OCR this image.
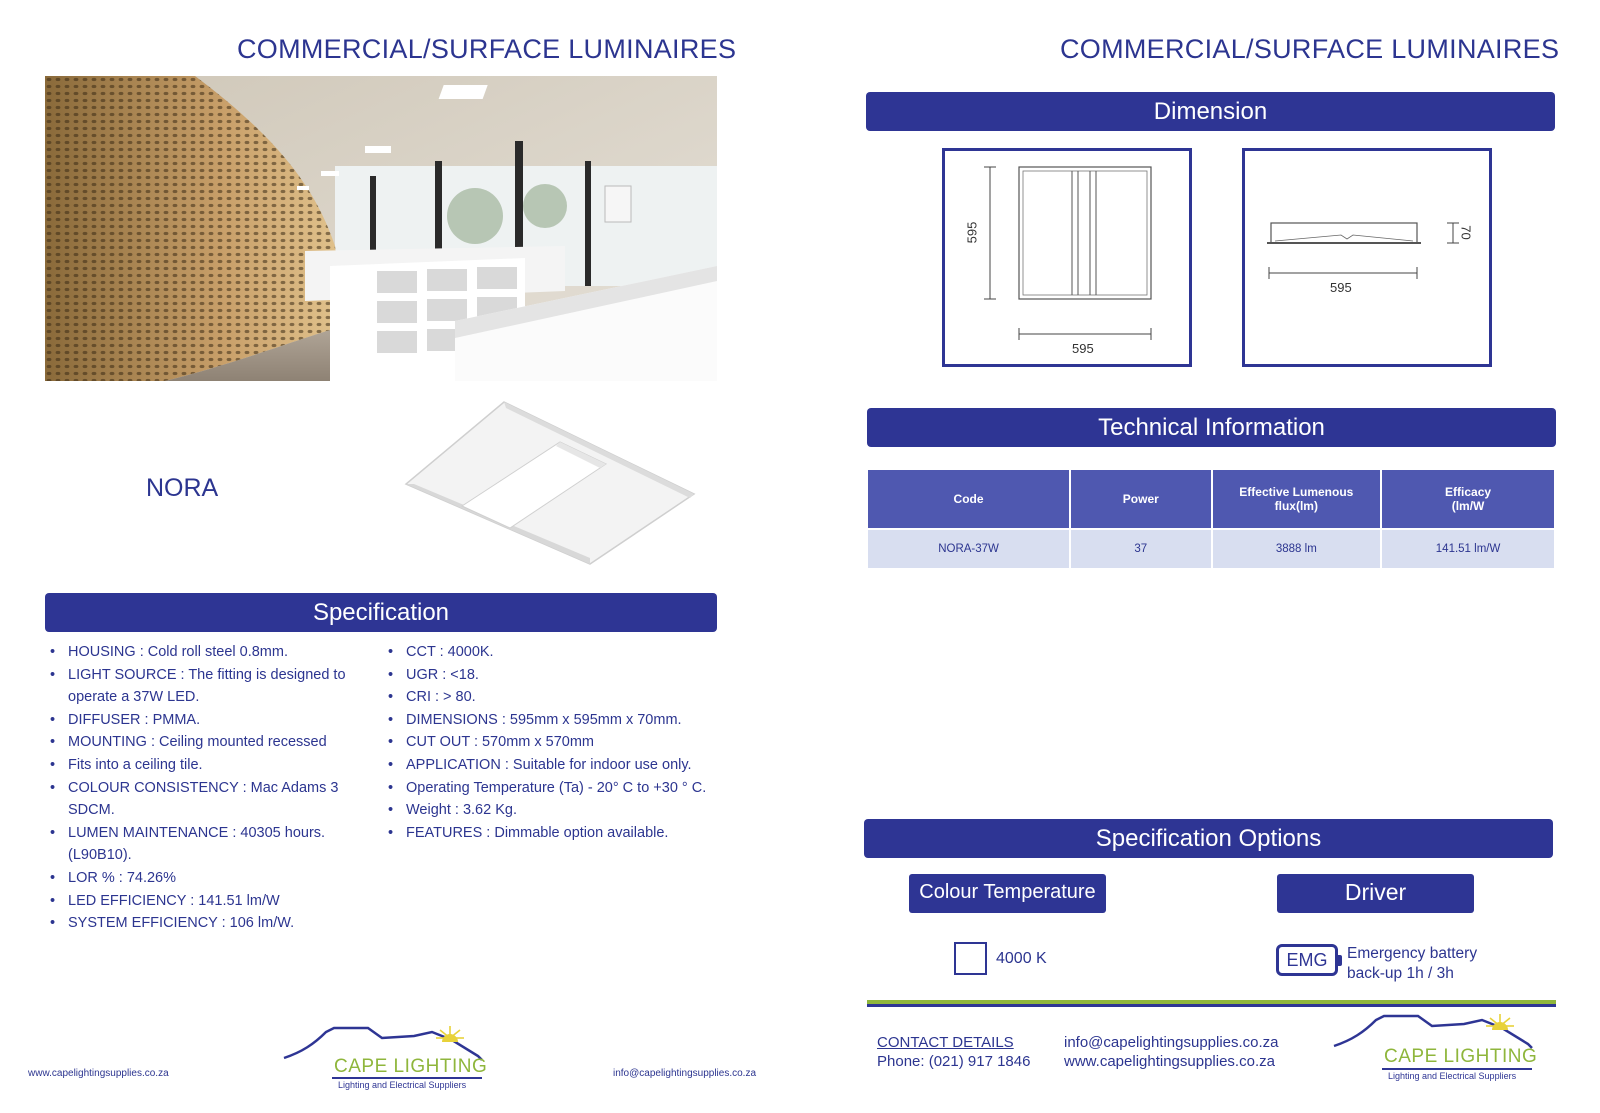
COMMERCIAL/SURFACE LUMINAIRES
NORA
Specification
• HOUSING : Cold roll steel 0.8mm.
• LIGHT SOURCE : The fitting is designed to operate a 37W LED.
• DIFFUSER : PMMA.
• MOUNTING : Ceiling mounted recessed
• Fits into a ceiling tile.
• COLOUR CONSISTENCY : Mac Adams 3 SDCM.
• LUMEN MAINTENANCE : 40305 hours. (L90B10).
• LOR % : 74.26%
• LED EFFICIENCY : 141.51 lm/W
• SYSTEM EFFICIENCY : 106 lm/W.
• CCT : 4000K.
• UGR : <18.
• CRI : > 80.
• DIMENSIONS : 595mm x 595mm x 70mm.
• CUT OUT : 570mm x 570mm
• APPLICATION : Suitable for indoor use only.
• Operating Temperature (Ta) - 20° C to +30 ° C.
• Weight : 3.62 Kg.
• FEATURES : Dimmable option available.
www.capelightingsupplies.co.za	info@capelightingsupplies.co.za
CAPE LIGHTING
Lighting and Electrical Suppliers
COMMERCIAL/SURFACE LUMINAIRES
Dimension
595
595
70
595
Technical Information
Code	Power	Effective Lumenous flux(lm)	Efficacy (lm/W
NORA-37W	37	3888 lm	141.51 lm/W
Specification Options
Colour Temperature	Driver
4000 K	EMG	Emergency battery
back-up 1h / 3h
CONTACT DETAILS
Phone: (021) 917 1846
info@capelightingsupplies.co.za
www.capelightingsupplies.co.za	CAPE LIGHTING
Lighting and Electrical Suppliers
